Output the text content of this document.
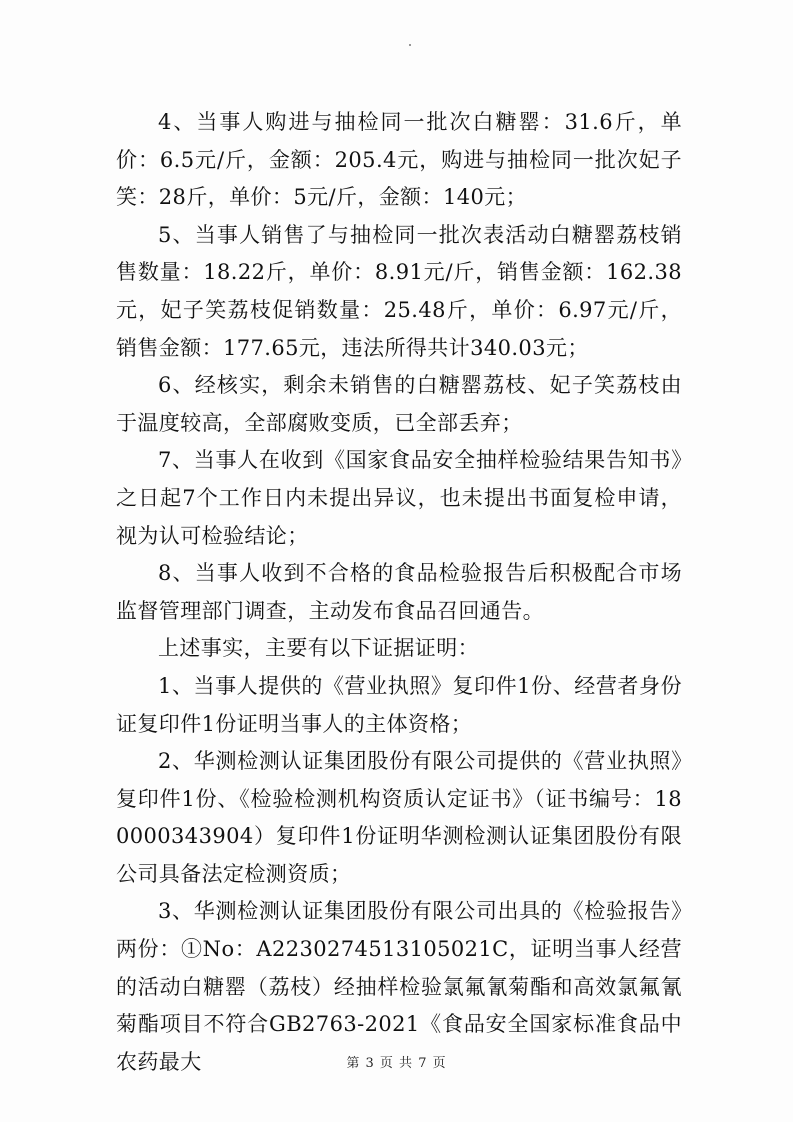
4、当事人购进与抽检同一批次白糖罂：31.6斤，单价：6.5元/斤，金额：205.4元，购进与抽检同一批次妃子笑：28斤，单价：5元/斤，金额：140元；

5、当事人销售了与抽检同一批次表活动白糖罂荔枝销售数量：18.22斤，单价：8.91元/斤，销售金额：162.38元，妃子笑荔枝促销数量：25.48斤，单价：6.97元/斤，销售金额：177.65元，违法所得共计340.03元；

6、经核实，剩余未销售的白糖罂荔枝、妃子笑荔枝由于温度较高，全部腐败变质，已全部丢弃；

7、当事人在收到《国家食品安全抽样检验结果告知书》之日起7个工作日内未提出异议，也未提出书面复检申请，视为认可检验结论；

8、当事人收到不合格的食品检验报告后积极配合市场监督管理部门调查，主动发布食品召回通告。

上述事实，主要有以下证据证明：

1、当事人提供的《营业执照》复印件1份、经营者身份证复印件1份证明当事人的主体资格；

2、华测检测认证集团股份有限公司提供的《营业执照》复印件1份、《检验检测机构资质认定证书》（证书编号：180000343904）复印件1份证明华测检测认证集团股份有限公司具备法定检测资质；

3、华测检测认证集团股份有限公司出具的《检验报告》两份：①No：A2230274513105021C，证明当事人经营的活动白糖罂（荔枝）经抽样检验氯氟氰菊酯和高效氯氟氰菊酯项目不符合GB2763-2021《食品安全国家标准食品中农药最大	第 3 页 共 7 页
